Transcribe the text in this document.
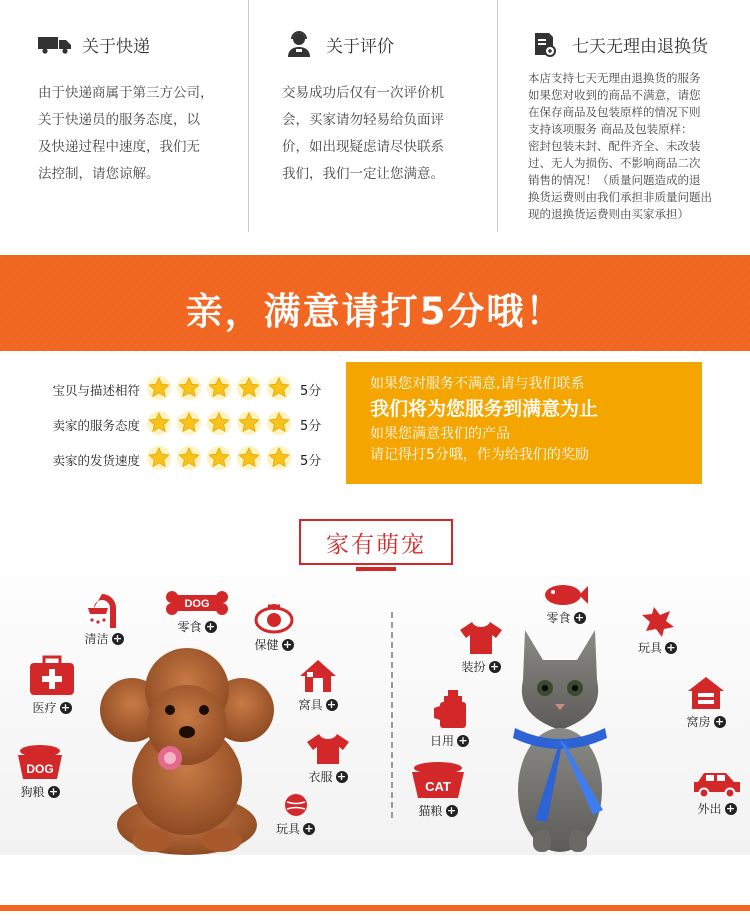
关于快递
由于快递商属于第三方公司，
关于快递员的服务态度，以
及快递过程中速度，我们无
法控制，请您谅解。
关于评价
交易成功后仅有一次评价机
会，买家请勿轻易给负面评
价，如出现疑虑请尽快联系
我们，我们一定让您满意。
七天无理由退换货
本店支持七天无理由退换货的服务
如果您对收到的商品不满意，请您
在保存商品及包装原样的情况下则
支持该项服务 商品及包装原样：
密封包装未封、配件齐全、未改装
过、无人为损伤、不影响商品二次
销售的情况！（质量问题造成的退
换货运费则由我们承担非质量问题出
现的退换货运费则由买家承担）
亲，满意请打5分哦！
宝贝与描述相符	5分
卖家的服务态度	5分
卖家的发货速度	5分
如果您对服务不满意,请与我们联系
我们将为您服务到满意为止
如果您满意我们的产品
请记得打5分哦，作为给我们的奖励
家有萌宠
清洁 +
DOG
零食 +
保健 +
医疗 +	窝具 +
DOG
狗粮 +
衣服 +
玩具 +
零食 +
装扮 +
玩具 +
日用 +
窝房 +
CAT
猫粮 +	外出 +
